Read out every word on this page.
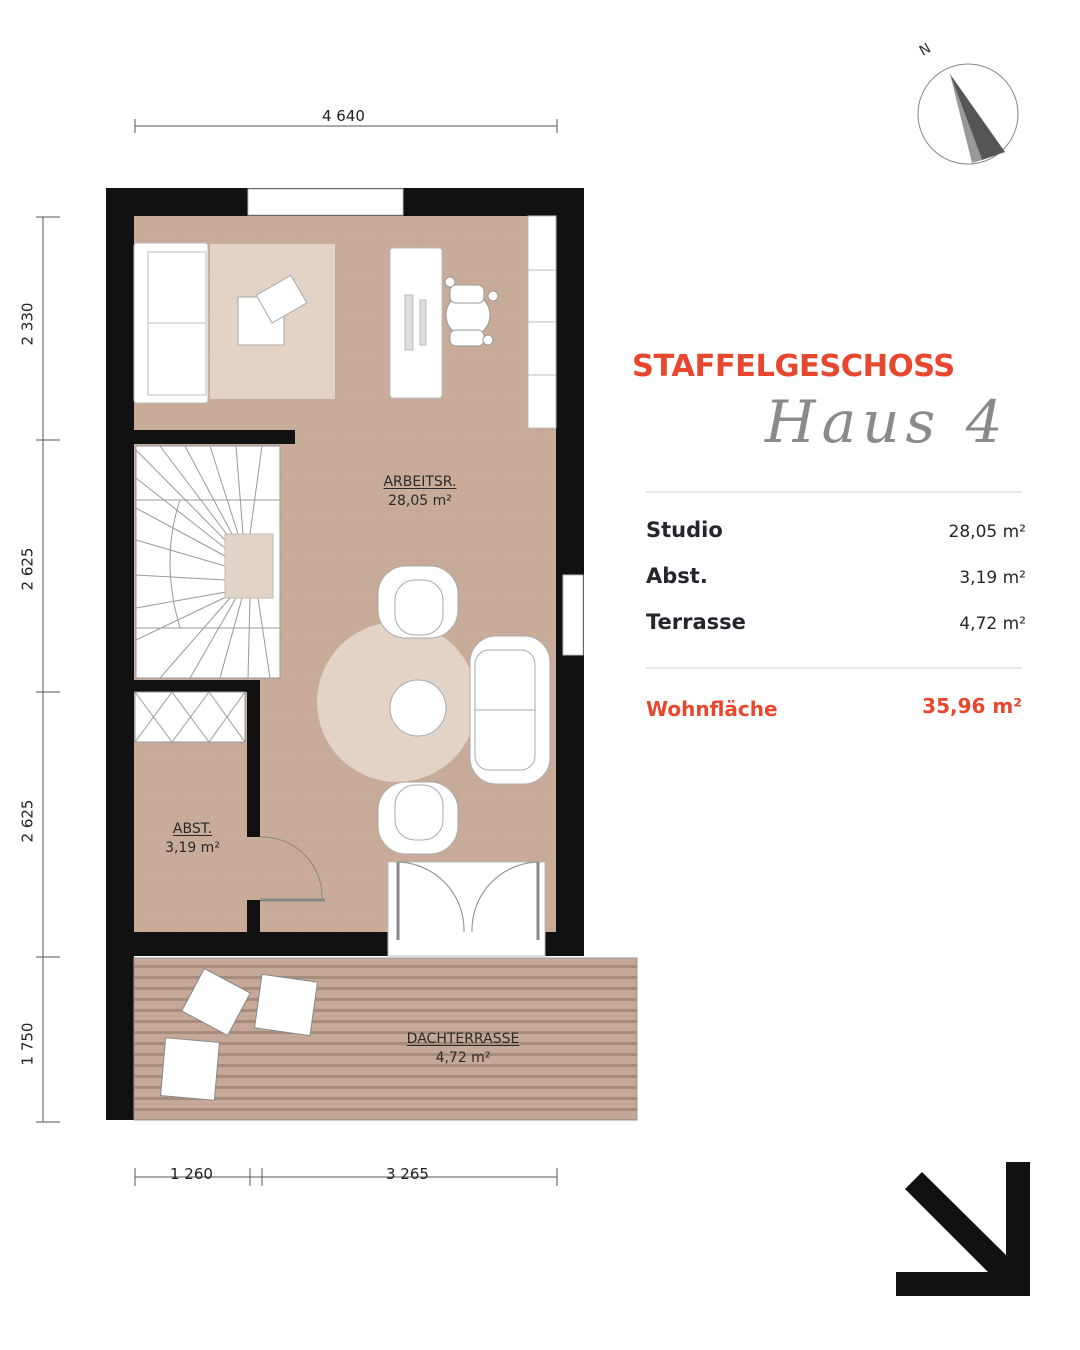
N
4 640
2 330
2 625
2 625
1 750
1 260	3 265
ARBEITSR.
28,05 m²
ABST.
3,19 m²
DACHTERRASSE
4,72 m²
Haus 4
STAFFELGESCHOSS
Studio	28,05 m²
Abst.	3,19 m²
Terrasse	4,72 m²
Wohnfläche	35,96 m²
